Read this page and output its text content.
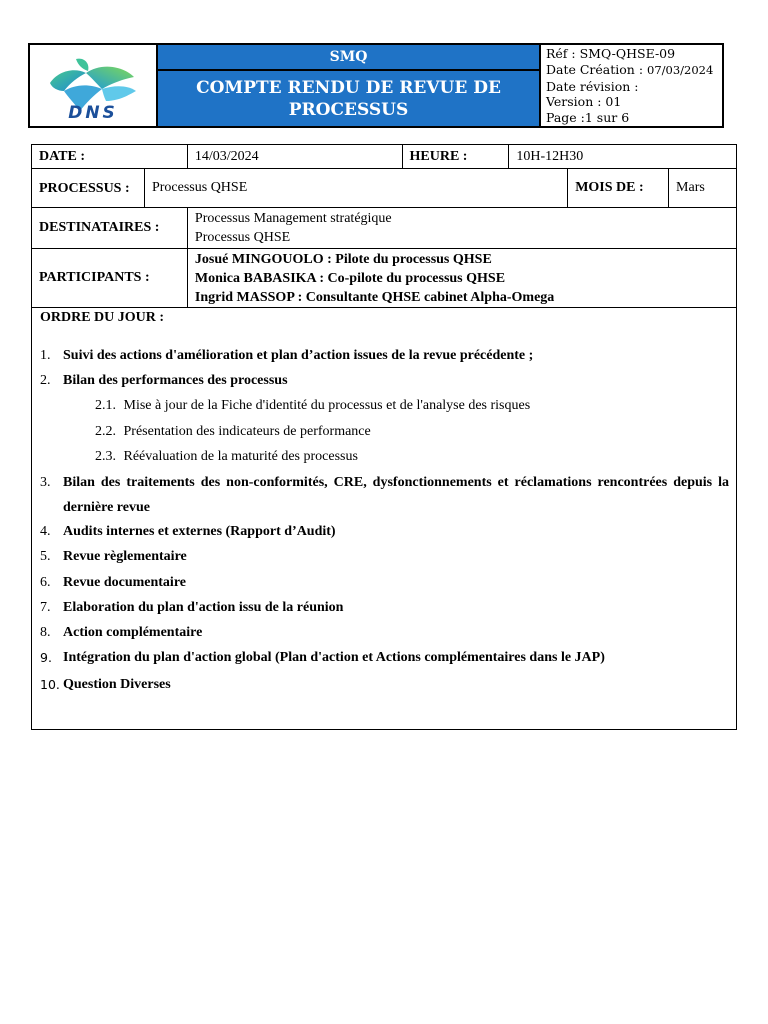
DNS
SMQ
COMPTE RENDU DE REVUE DE PROCESSUS
Réf : SMQ-QHSE-09
Date Création : 07/03/2024
Date révision :
Version : 01
Page :1 sur 6
DATE :		14/03/2024	HEURE :	10H-12H30		
PROCESSUS :	Processus QHSE				MOIS DE :	Mars
DESTINATAIRES :		Processus Management stratégique
Processus QHSE				

PARTICIPANTS :		Josué MINGOUOLO : Pilote du processus QHSE
Monica BABASIKA : Co-pilote du processus QHSE
Ingrid MASSOP : Consultante QHSE cabinet Alpha-Omega				
ORDRE DU JOUR :
1. Suivi des actions d'amélioration et plan d’action issues de la revue précédente ;
2. Bilan des performances des processus
2.1. Mise à jour de la Fiche d'identité du processus et de l'analyse des risques
2.2. Présentation des indicateurs de performance
2.3. Réévaluation de la maturité des processus
3. Bilan des traitements des non-conformités, CRE, dysfonctionnements et réclamations rencontrées depuis la dernière revue
4. Audits internes et externes (Rapport d’Audit)
5. Revue règlementaire
6. Revue documentaire
7. Elaboration du plan d'action issu de la réunion
8. Action complémentaire
9. Intégration du plan d'action global (Plan d'action et Actions complémentaires dans le JAP)
10. Question Diverses
